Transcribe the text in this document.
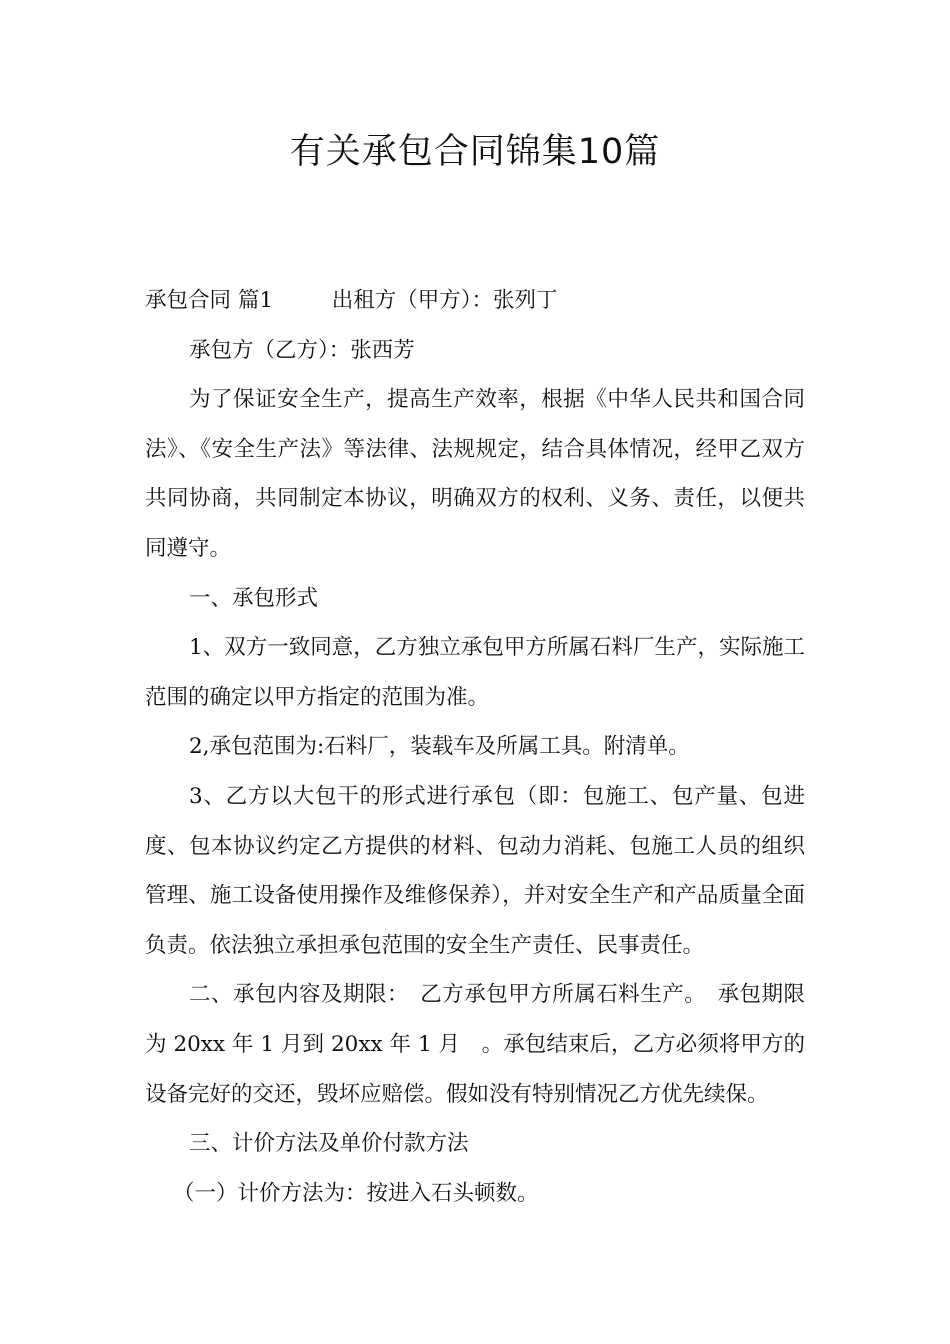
有关承包合同锦集10篇

承包合同 篇1	出租方（甲方）：张列丁

承包方（乙方）：张西芳

为了保证安全生产，提高生产效率，根据《中华人民共和国合同法》、《安全生产法》等法律、法规规定，结合具体情况，经甲乙双方共同协商，共同制定本协议，明确双方的权利、义务、责任，以便共同遵守。

一、承包形式

1、双方一致同意，乙方独立承包甲方所属石料厂生产，实际施工范围的确定以甲方指定的范围为准。

2,承包范围为:石料厂，装载车及所属工具。附清单。

3、乙方以大包干的形式进行承包（即：包施工、包产量、包进度、包本协议约定乙方提供的材料、包动力消耗、包施工人员的组织管理、施工设备使用操作及维修保养），并对安全生产和产品质量全面负责。依法独立承担承包范围的安全生产责任、民事责任。

二、承包内容及期限：　乙方承包甲方所属石料生产。　承包期限为 20xx 年 1 月到 20xx 年 1 月　。承包结束后，乙方必须将甲方的设备完好的交还，毁坏应赔偿。假如没有特别情况乙方优先续保。

三、计价方法及单价付款方法

（一）计价方法为：按进入石头顿数。
